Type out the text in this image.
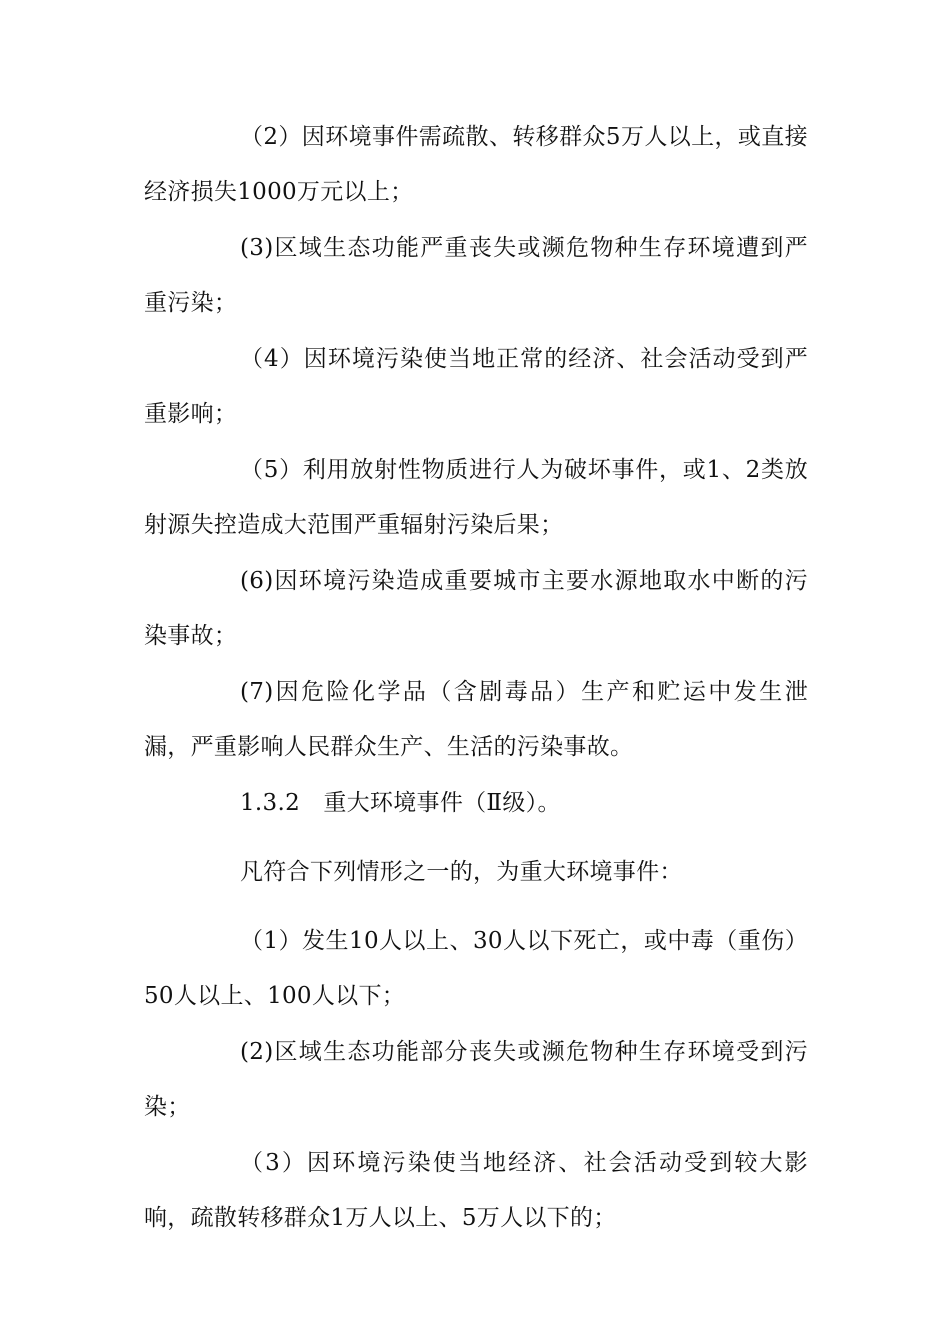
（2）因环境事件需疏散、转移群众5万人以上，或直接经济损失1000万元以上；

(3)区域生态功能严重丧失或濒危物种生存环境遭到严重污染；

（4）因环境污染使当地正常的经济、社会活动受到严重影响；

（5）利用放射性物质进行人为破坏事件，或1、2类放射源失控造成大范围严重辐射污染后果；

(6)因环境污染造成重要城市主要水源地取水中断的污染事故；

(7)因危险化学品（含剧毒品）生产和贮运中发生泄漏，严重影响人民群众生产、生活的污染事故。

1.3.2　重大环境事件（Ⅱ级）。

凡符合下列情形之一的，为重大环境事件：

（1）发生10人以上、30人以下死亡，或中毒（重伤）50人以上、100人以下；

(2)区域生态功能部分丧失或濒危物种生存环境受到污染；

（3）因环境污染使当地经济、社会活动受到较大影响，疏散转移群众1万人以上、5万人以下的；
